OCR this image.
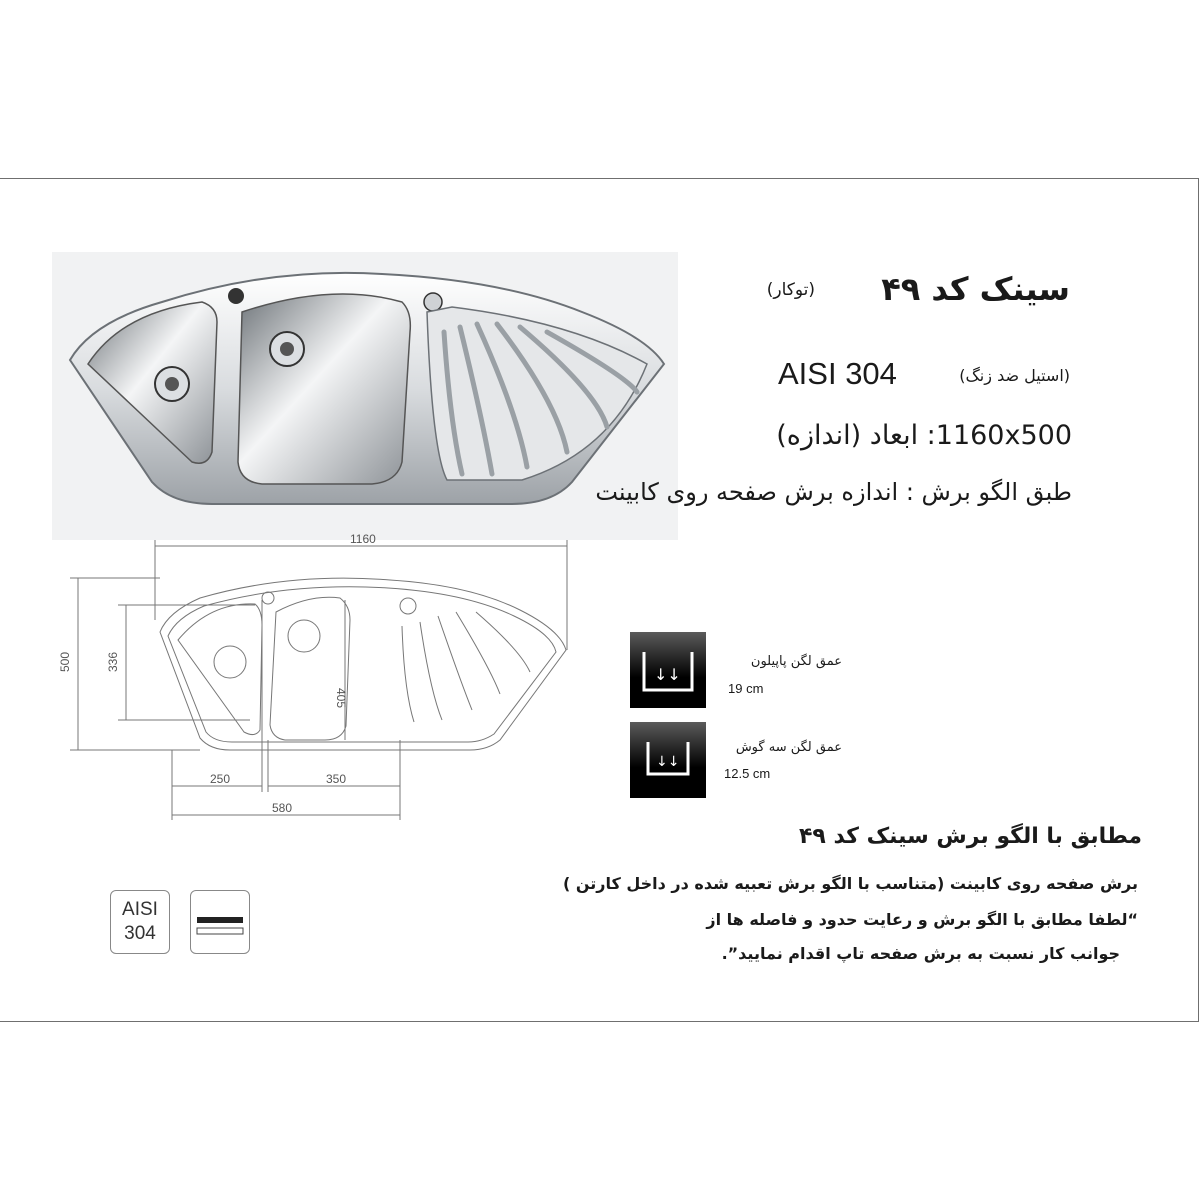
سینک کد ۴۹
(توکار)
(استیل ضد زنگ)
AISI 304
1160x500: ابعاد (اندازه)
طبق الگو برش : اندازه برش صفحه روی کابینت
1160
500	336
405
250	350
580
↓↓
عمق لگن پاپیلون
19 cm
↓↓
عمق لگن سه گوش
12.5 cm
مطابق با الگو برش سینک کد ۴۹
برش صفحه روی کابینت (متناسب با الگو برش تعبیه شده در داخل کارتن )
“لطفا مطابق با الگو برش و رعایت حدود و فاصله ها از
جوانب کار نسبت به برش صفحه تاپ اقدام نمایید”.
AISI
304
